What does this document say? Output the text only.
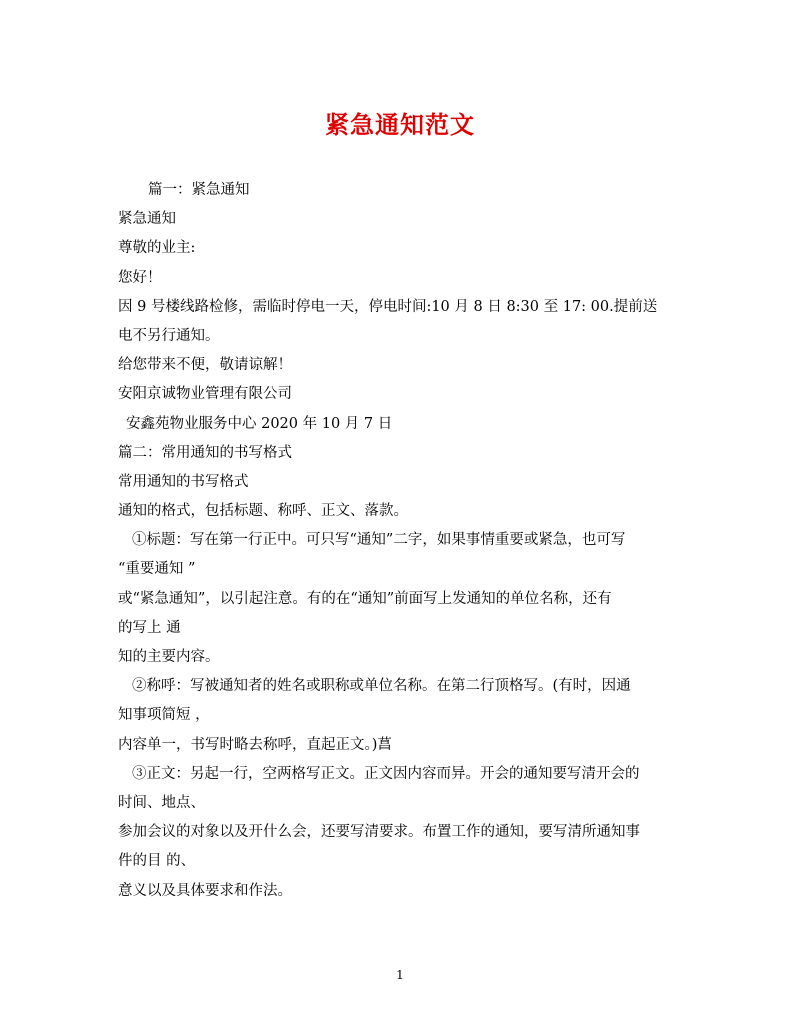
紧急通知范文
篇一：紧急通知
紧急通知
尊敬的业主:
您好！
因 9 号楼线路检修，需临时停电一天，停电时间:10 月 8 日 8:30 至 17: 00.提前送
电不另行通知。
给您带来不便，敬请谅解！
安阳京诚物业管理有限公司
安鑫苑物业服务中心 2020 年 10 月 7 日
篇二：常用通知的书写格式
常用通知的书写格式
通知的格式，包括标题、称呼、正文、落款。
①标题：写在第一行正中。可只写“通知”二字，如果事情重要或紧急，也可写
“重要通知 ”
或“紧急通知”，以引起注意。有的在“通知”前面写上发通知的单位名称，还有
的写上 通
知的主要内容。
②称呼：写被通知者的姓名或职称或单位名称。在第二行顶格写。(有时，因通
知事项简短 ，
内容单一，书写时略去称呼，直起正文。)菖
③正文：另起一行，空两格写正文。正文因内容而异。开会的通知要写清开会的
时间、地点、
参加会议的对象以及开什么会，还要写清要求。布置工作的通知，要写清所通知事
件的目 的、
意义以及具体要求和作法。
1
